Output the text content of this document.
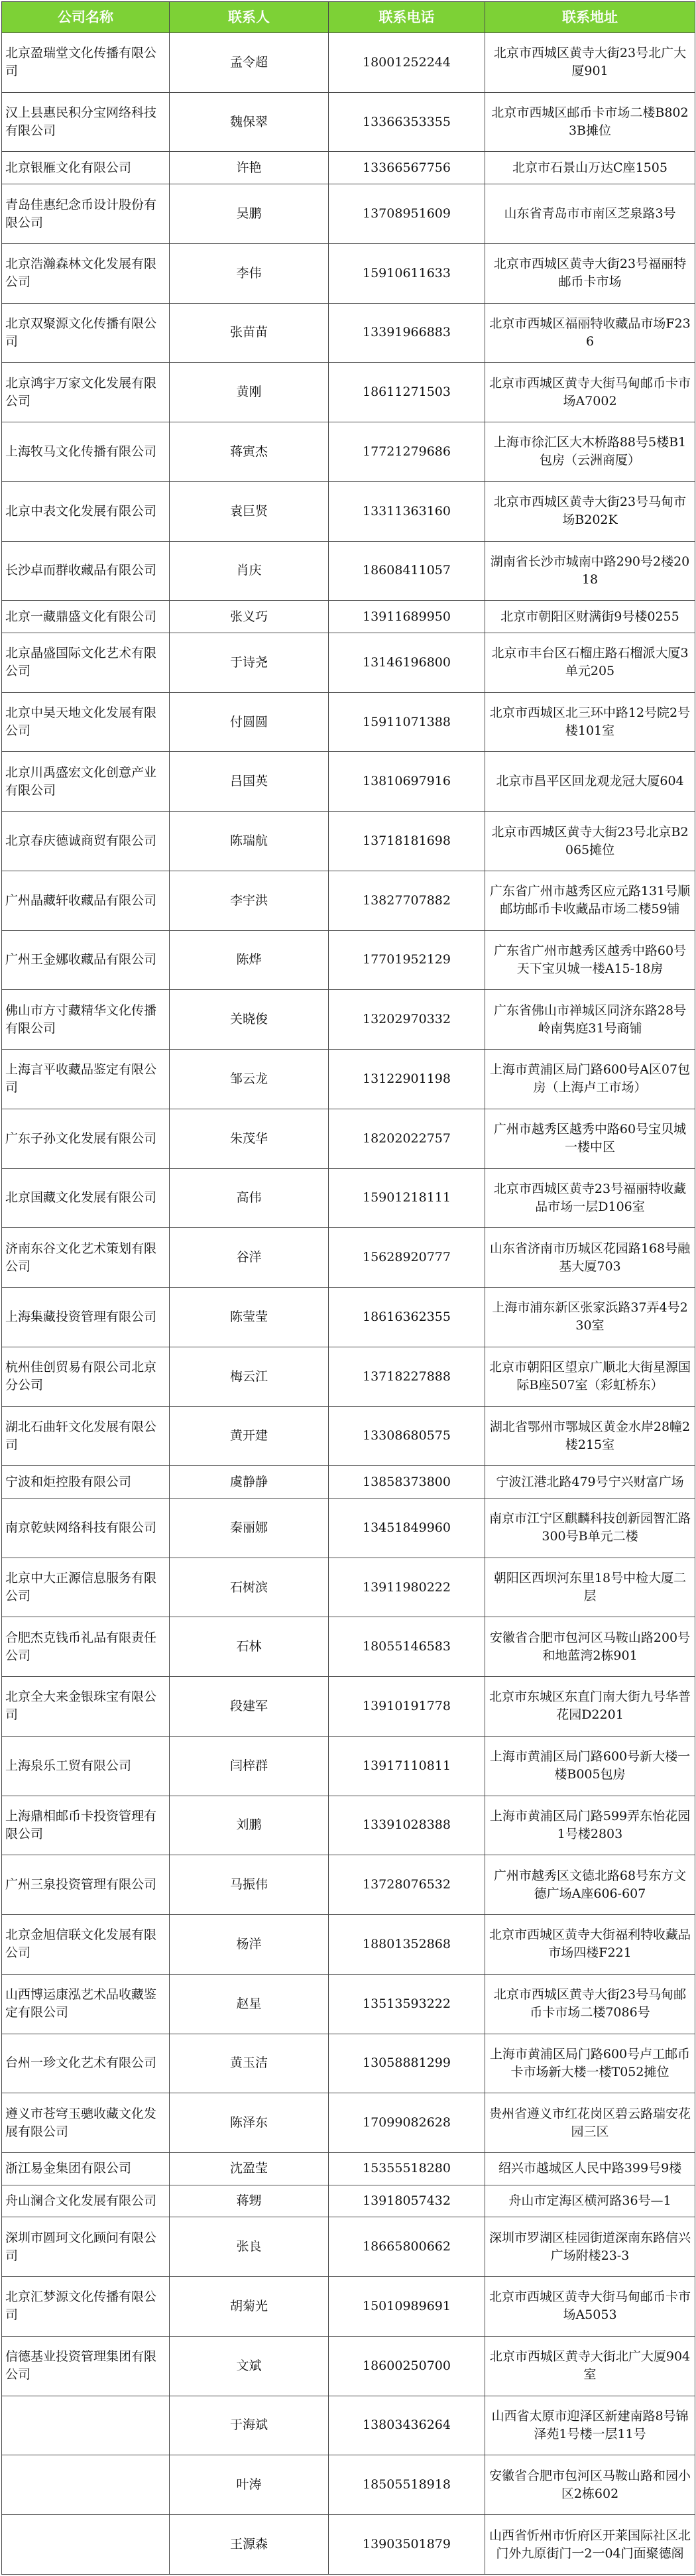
公司名称	联系人	联系电话	联系地址
北京盈瑞堂文化传播有限公司	孟令超	18001252244	北京市西城区黄寺大街23号北广大厦901
汉上县惠民积分宝网络科技有限公司	魏保翠	13366353355	北京市西城区邮币卡市场二楼B8023B摊位
北京银雁文化有限公司	许艳	13366567756	北京市石景山万达C座1505
青岛佳惠纪念币设计股份有限公司	吴鹏	13708951609	山东省青岛市市南区芝泉路3号
北京浩瀚森林文化发展有限公司	李伟	15910611633	北京市西城区黄寺大街23号福丽特邮币卡市场
北京双聚源文化传播有限公司	张苗苗	13391966883	北京市西城区福丽特收藏品市场F236
北京鸿宇万家文化发展有限公司	黄刚	18611271503	北京市西城区黄寺大街马甸邮币卡市场A7002
上海牧马文化传播有限公司	蒋寅杰	17721279686	上海市徐汇区大木桥路88号5楼B1包房（云洲商厦）
北京中表文化发展有限公司	袁巨贤	13311363160	北京市西城区黄寺大街23号马甸市场B202K
长沙卓而群收藏品有限公司	肖庆	18608411057	湖南省长沙市城南中路290号2楼2018
北京一藏鼎盛文化有限公司	张义巧	13911689950	北京市朝阳区财满街9号楼0255
北京晶盛国际文化艺术有限公司	于诗尧	13146196800	北京市丰台区石榴庄路石榴派大厦3单元205
北京中昊天地文化发展有限公司	付圆圆	15911071388	北京市西城区北三环中路12号院2号楼101室
北京川禹盛宏文化创意产业有限公司	吕国英	13810697916	北京市昌平区回龙观龙冠大厦604
北京春庆德诚商贸有限公司	陈瑞航	13718181698	北京市西城区黄寺大街23号北京B2065摊位
广州晶藏轩收藏品有限公司	李宇洪	13827707882	广东省广州市越秀区应元路131号顺邮坊邮币卡收藏品市场二楼59铺
广州王金娜收藏品有限公司	陈烨	17701952129	广东省广州市越秀区越秀中路60号天下宝贝城一楼A15-18房
佛山市方寸藏精华文化传播有限公司	关晓俊	13202970332	广东省佛山市禅城区同济东路28号岭南隽庭31号商铺
上海言平收藏品鉴定有限公司	邹云龙	13122901198	上海市黄浦区局门路600号A区07包房（上海卢工市场）
广东子孙文化发展有限公司	朱茂华	18202022757	广州市越秀区越秀中路60号宝贝城一楼中区
北京国藏文化发展有限公司	高伟	15901218111	北京市西城区黄寺23号福丽特收藏品市场一层D106室
济南东谷文化艺术策划有限公司	谷洋	15628920777	山东省济南市历城区花园路168号融基大厦703
上海集藏投资管理有限公司	陈莹莹	18616362355	上海市浦东新区张家浜路37弄4号230室
杭州佳创贸易有限公司北京分公司	梅云江	13718227888	北京市朝阳区望京广顺北大街星源国际B座507室（彩虹桥东）
湖北石曲轩文化发展有限公司	黄开建	13308680575	湖北省鄂州市鄂城区黄金水岸28幢2楼215室
宁波和炬控股有限公司	虞静静	13858373800	宁波江港北路479号宁兴财富广场
南京乾蚨网络科技有限公司	秦丽娜	13451849960	南京市江宁区麒麟科技创新园智汇路300号B单元二楼
北京中大正源信息服务有限公司	石树滨	13911980222	朝阳区西坝河东里18号中检大厦二层
合肥杰克钱币礼品有限责任公司	石林	18055146583	安徽省合肥市包河区马鞍山路200号和地蓝湾2栋901
北京全大来金银珠宝有限公司	段建军	13910191778	北京市东城区东直门南大街九号华普花园D2201
上海泉乐工贸有限公司	闫梓群	13917110811	上海市黄浦区局门路600号新大楼一楼B005包房
上海鼎相邮币卡投资管理有限公司	刘鹏	13391028388	上海市黄浦区局门路599弄东怡花园1号楼2803
广州三泉投资管理有限公司	马振伟	13728076532	广州市越秀区文德北路68号东方文德广场A座606-607
北京金旭信联文化发展有限公司	杨洋	18801352868	北京市西城区黄寺大街福利特收藏品市场四楼F221
山西博运康泓艺术品收藏鉴定有限公司	赵星	13513593222	北京市西城区黄寺大街23号马甸邮币卡市场二楼7086号
台州一珍文化艺术有限公司	黄玉洁	13058881299	上海市黄浦区局门路600号卢工邮币卡市场新大楼一楼T052摊位
遵义市苍穹玉骢收藏文化发展有限公司	陈泽东	17099082628	贵州省遵义市红花岗区碧云路瑞安花园三区
浙江易金集团有限公司	沈盈莹	15355518280	绍兴市越城区人民中路399号9楼
舟山澜合文化发展有限公司	蒋甥	13918057432	舟山市定海区横河路36号—1
深圳市圆珂文化顾问有限公司	张良	18665800662	深圳市罗湖区桂园街道深南东路信兴广场附楼23-3
北京汇梦源文化传播有限公司	胡菊光	15010989691	北京市西城区黄寺大街马甸邮币卡市场A5053
信德基业投资管理集团有限公司	文斌	18600250700	北京市西城区黄寺大街北广大厦904室
	于海斌	13803436264	山西省太原市迎泽区新建南路8号锦泽苑1号楼一层11号
	叶涛	18505518918	安徽省合肥市包河区马鞍山路和园小区2栋602
	王源森	13903501879	山西省忻州市忻府区开莱国际社区北门外九原街门一2一04门面聚德阁
